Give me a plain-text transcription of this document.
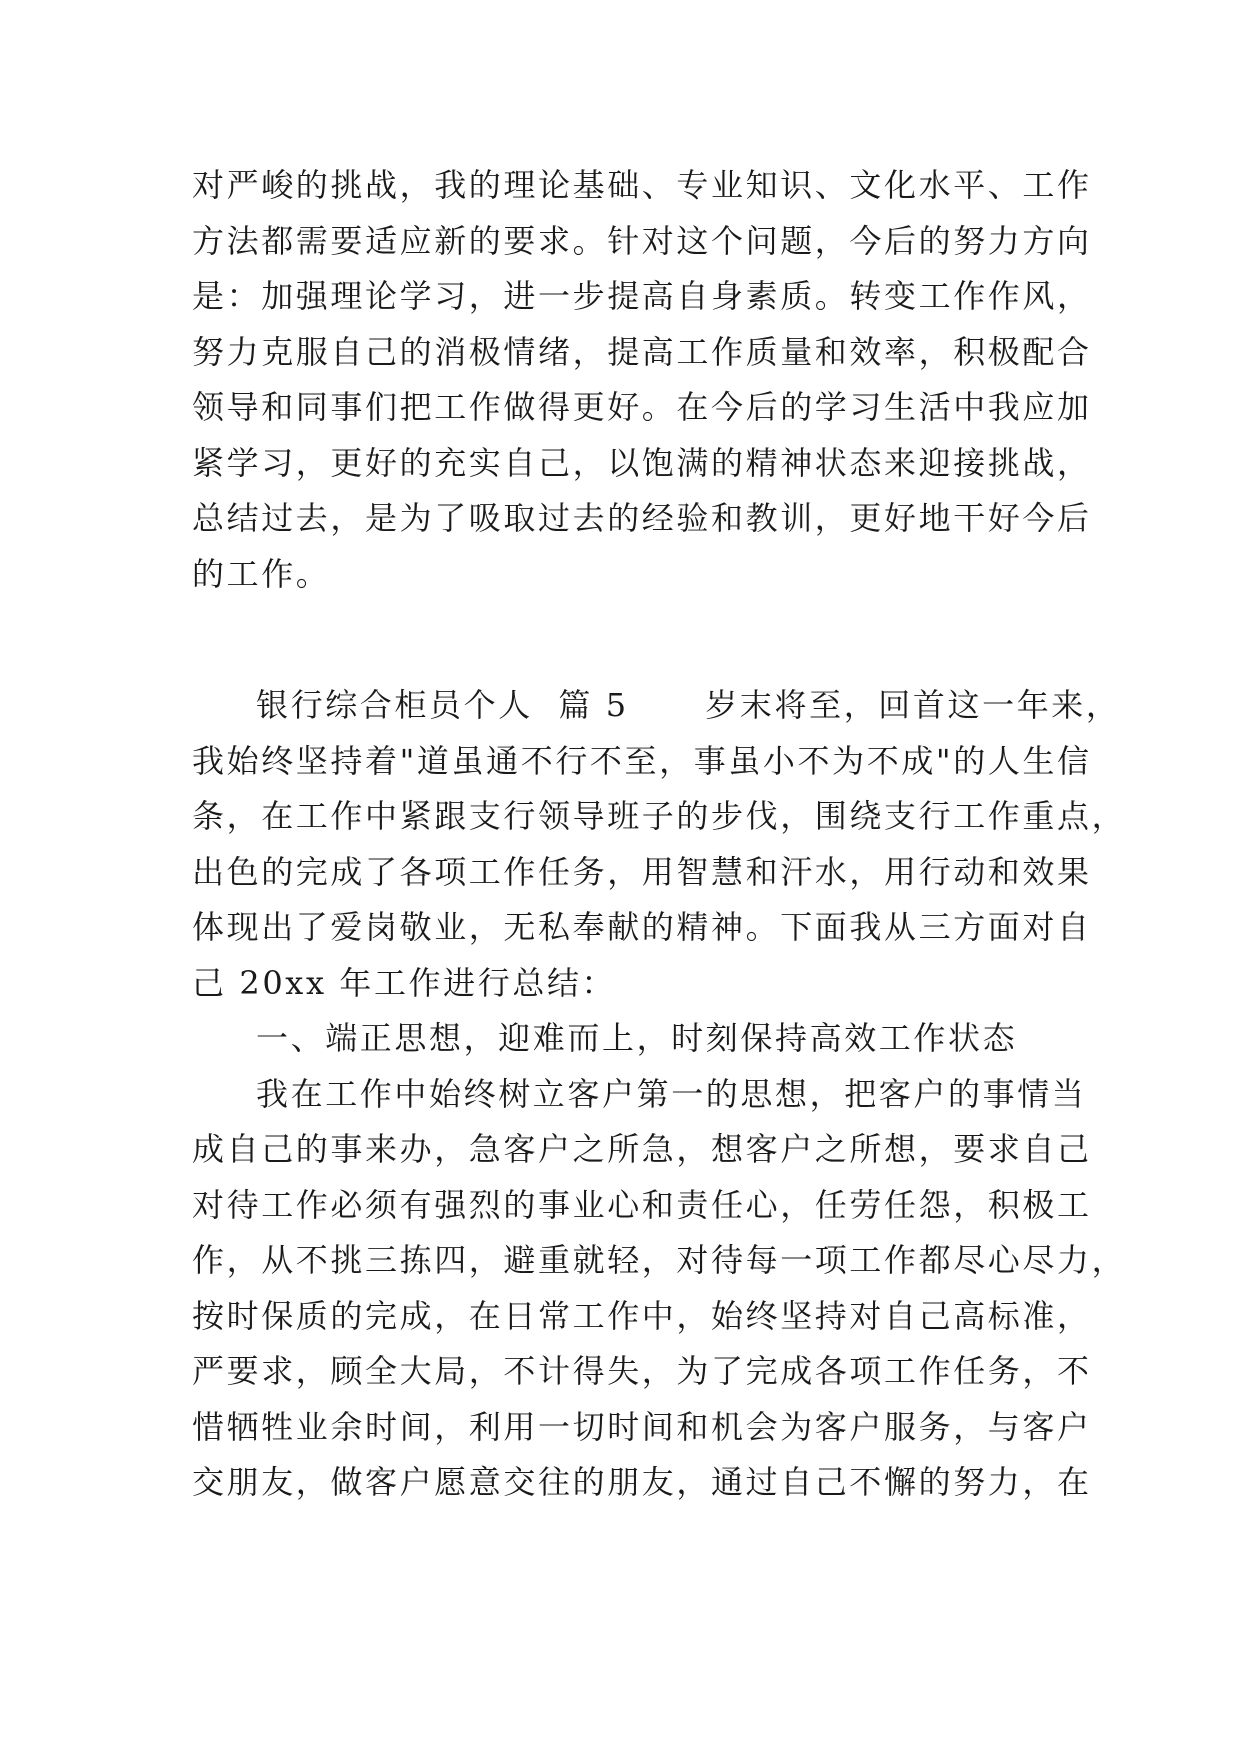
对严峻的挑战，我的理论基础、专业知识、文化水平、工作
方法都需要适应新的要求。针对这个问题，今后的努力方向
是：加强理论学习，进一步提高自身素质。转变工作作风，
努力克服自己的消极情绪，提高工作质量和效率，积极配合
领导和同事们把工作做得更好。在今后的学习生活中我应加
紧学习，更好的充实自己，以饱满的精神状态来迎接挑战，
总结过去，是为了吸取过去的经验和教训，更好地干好今后
的工作。
银行综合柜员个人  篇 5      岁末将至，回首这一年来，
我始终坚持着"道虽通不行不至，事虽小不为不成"的人生信
条，在工作中紧跟支行领导班子的步伐，围绕支行工作重点，
出色的完成了各项工作任务，用智慧和汗水，用行动和效果
体现出了爱岗敬业，无私奉献的精神。下面我从三方面对自
己 20xx 年工作进行总结：
一、端正思想，迎难而上，时刻保持高效工作状态
我在工作中始终树立客户第一的思想，把客户的事情当
成自己的事来办，急客户之所急，想客户之所想，要求自己
对待工作必须有强烈的事业心和责任心，任劳任怨，积极工
作，从不挑三拣四，避重就轻，对待每一项工作都尽心尽力，
按时保质的完成，在日常工作中，始终坚持对自己高标准，
严要求，顾全大局，不计得失，为了完成各项工作任务，不
惜牺牲业余时间，利用一切时间和机会为客户服务，与客户
交朋友，做客户愿意交往的朋友，通过自己不懈的努力，在
